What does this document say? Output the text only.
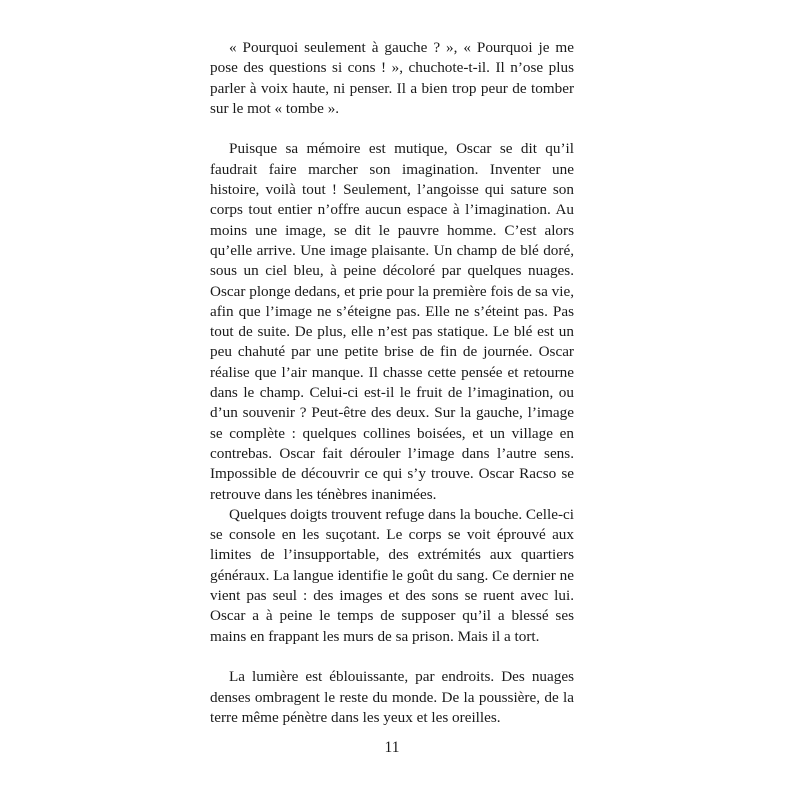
« Pourquoi seulement à gauche ? », « Pourquoi je me pose des questions si cons ! », chuchote-t-il. Il n’ose plus parler à voix haute, ni penser. Il a bien trop peur de tomber sur le mot « tombe ».

Puisque sa mémoire est mutique, Oscar se dit qu’il faudrait faire marcher son imagination. Inventer une histoire, voilà tout ! Seulement, l’angoisse qui sature son corps tout entier n’offre aucun espace à l’imagination. Au moins une image, se dit le pauvre homme. C’est alors qu’elle arrive. Une image plaisante. Un champ de blé doré, sous un ciel bleu, à peine décoloré par quelques nuages. Oscar plonge dedans, et prie pour la première fois de sa vie, afin que l’image ne s’éteigne pas. Elle ne s’éteint pas. Pas tout de suite. De plus, elle n’est pas statique. Le blé est un peu chahuté par une petite brise de fin de journée. Oscar réalise que l’air manque. Il chasse cette pensée et retourne dans le champ. Celui-ci est-il le fruit de l’imagination, ou d’un souvenir ? Peut-être des deux. Sur la gauche, l’image se complète : quelques collines boisées, et un village en contrebas. Oscar fait dérouler l’image dans l’autre sens. Impossible de découvrir ce qui s’y trouve. Oscar Racso se retrouve dans les ténèbres inanimées.

Quelques doigts trouvent refuge dans la bouche. Celle-ci se console en les suçotant. Le corps se voit éprouvé aux limites de l’insupportable, des extrémités aux quartiers généraux. La langue identifie le goût du sang. Ce dernier ne vient pas seul : des images et des sons se ruent avec lui. Oscar a à peine le temps de supposer qu’il a blessé ses mains en frappant les murs de sa prison. Mais il a tort.

La lumière est éblouissante, par endroits. Des nuages denses ombragent le reste du monde. De la poussière, de la terre même pénètre dans les yeux et les oreilles.

11
